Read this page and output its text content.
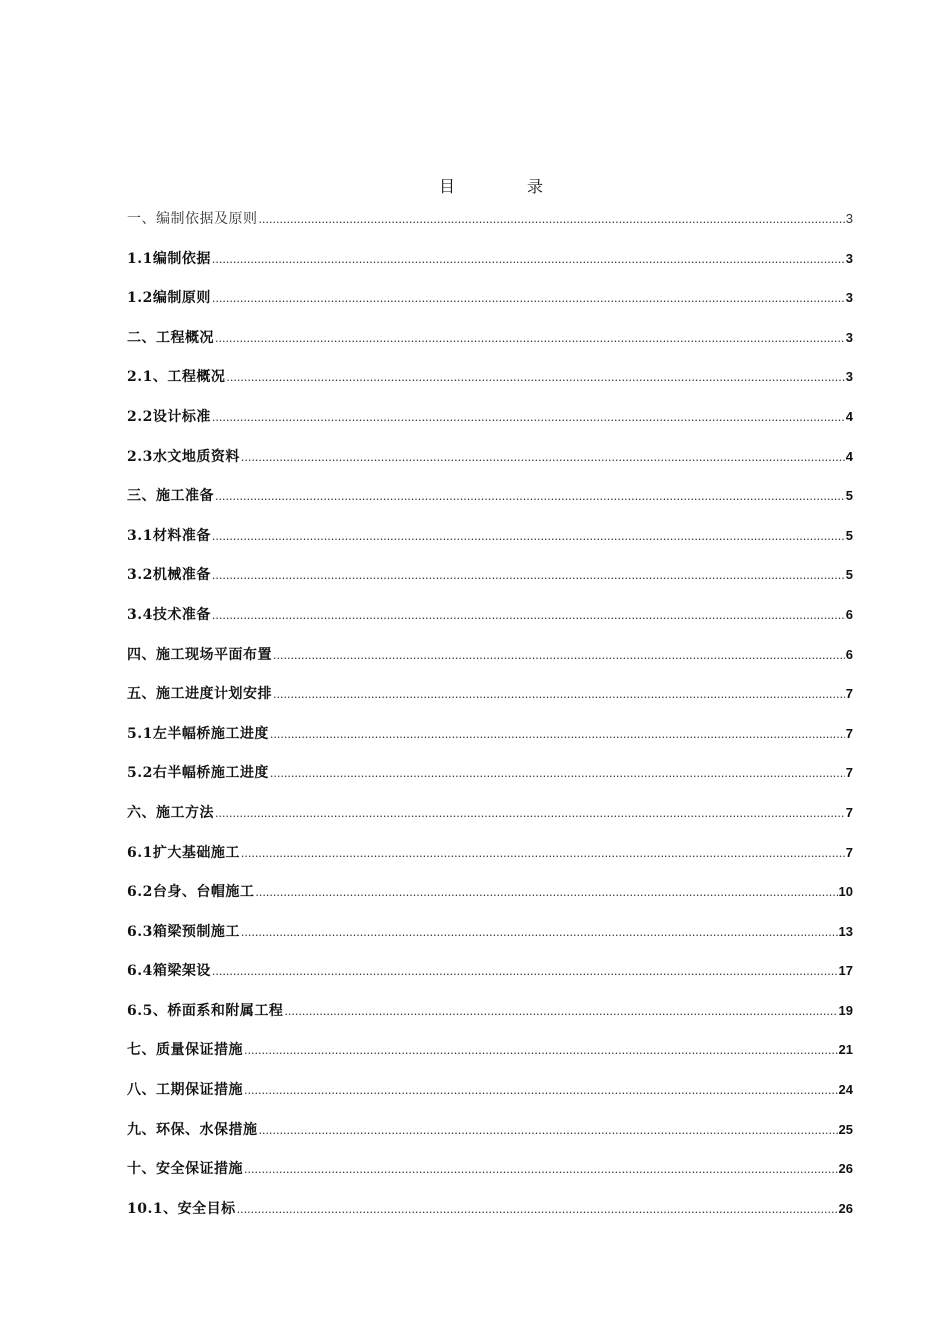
目　录
一、编制依据及原则 .....	3
1.1编制依据 .....	3
1.2编制原则 .....	3
二、工程概况 .....	3
2.1、工程概况 .....	3
2.2设计标准 .....	4
2.3水文地质资料 .....	4
三、施工准备 .....	5
3.1材料准备 .....	5
3.2机械准备 .....	5
3.4技术准备 .....	6
四、施工现场平面布置 .....	6
五、施工进度计划安排 .....	7
5.1左半幅桥施工进度 .....	7
5.2右半幅桥施工进度 .....	7
六、施工方法 .....	7
6.1扩大基础施工 .....	7
6.2台身、台帽施工 .....	10
6.3箱梁预制施工 .....	13
6.4箱梁架设 .....	17
6.5、桥面系和附属工程 .....	19
七、质量保证措施 .....	21
八、工期保证措施 .....	24
九、环保、水保措施 .....	25
十、安全保证措施 .....	26
10.1、安全目标 .....	26
